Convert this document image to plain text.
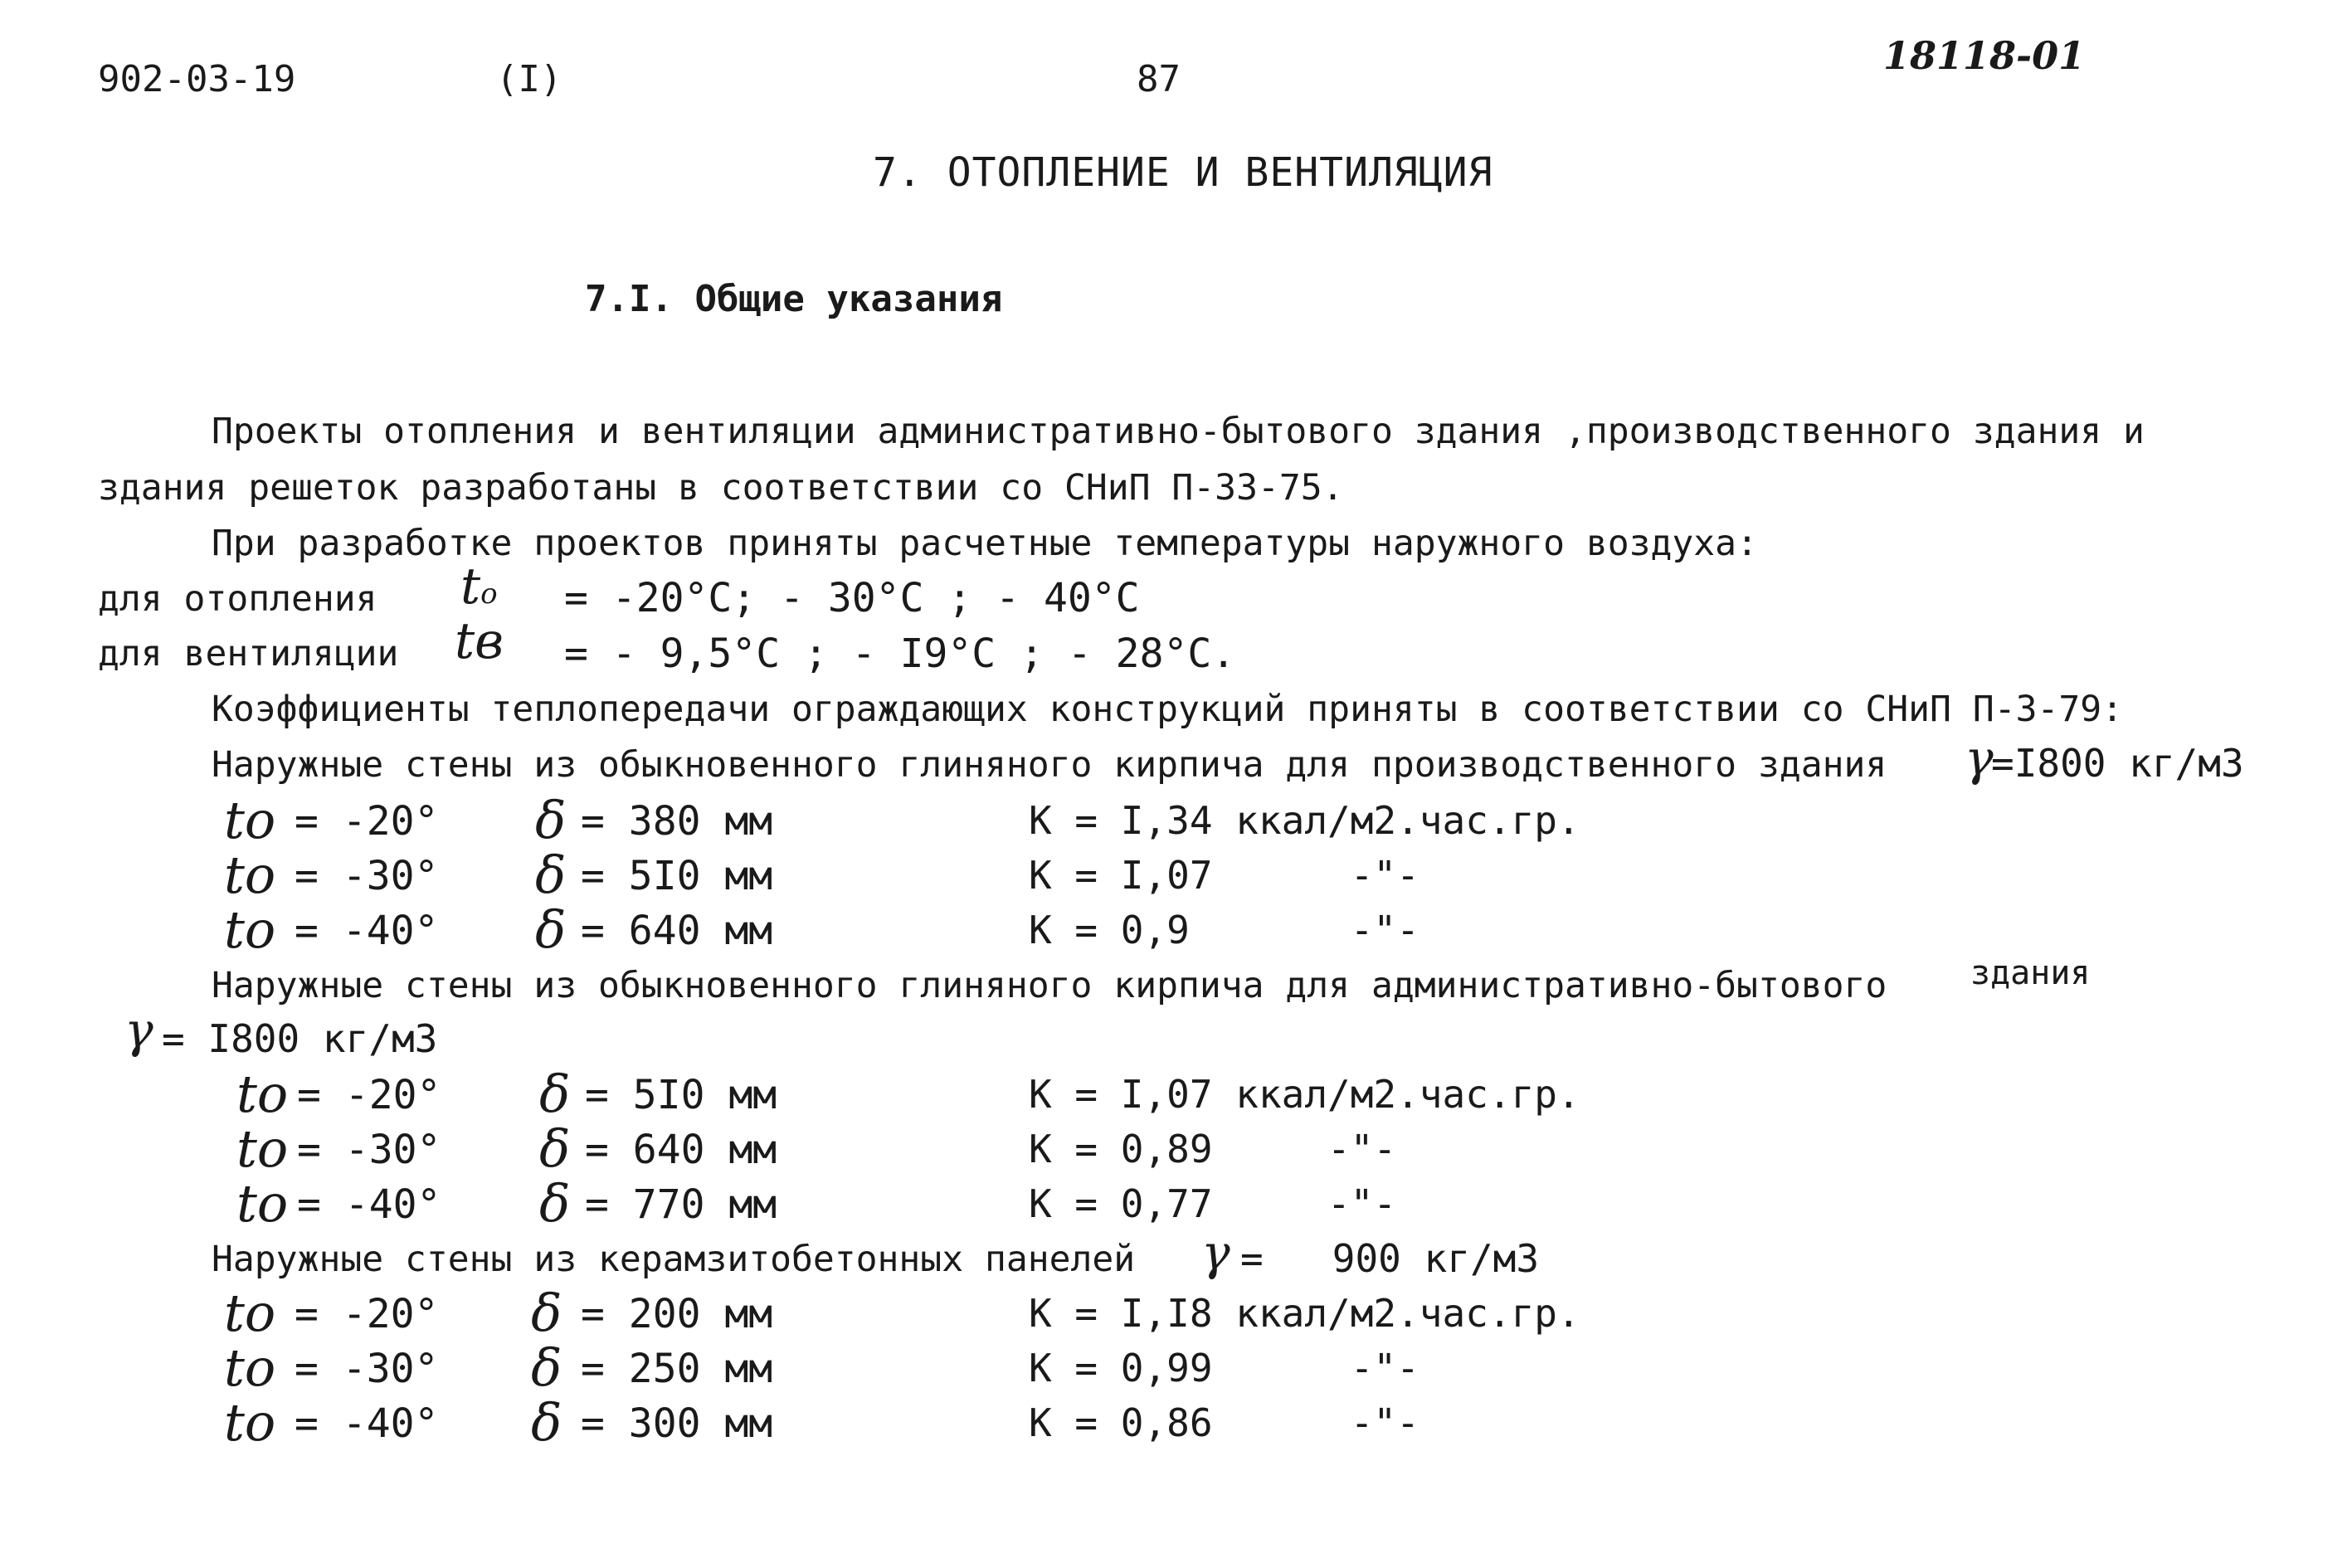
902-03-19	(I)	87
18118-01
7. ОТОПЛЕНИЕ И ВЕНТИЛЯЦИЯ
7.I. Общие указания
Проекты отопления и вентиляции административно-бытового здания ,производственного здания и
здания решеток разработаны в соответствии со СНиП П-33-75.
При разработке проектов приняты расчетные температуры наружного воздуха:
для отопления tо = -20°С; - 30°С ; - 40°С
для вентиляции tв = - 9,5°С ; - I9°С ; - 28°С.
Коэффициенты теплопередачи ограждающих конструкций приняты в соответствии со СНиП П-3-79:
Наружные стены из обыкновенного глиняного кирпича для производственного здания γ
=I800 кг/м3
tо = -20° δ = 380 мм	К = I,34 ккал/м2.час.гр.
tо = -30° δ = 5I0 мм	К = I,07      -"-
tо = -40° δ = 640 мм	К = 0,9       -"-
Наружные стены из обыкновенного глиняного кирпича для административно-бытового	здания
γ = I800 кг/м3
tо = -20° δ = 5I0 мм	К = I,07 ккал/м2.час.гр.
tо = -30° δ = 640 мм	К = 0,89     -"-
tо = -40° δ = 770 мм	К = 0,77     -"-
Наружные стены из керамзитобетонных панелей γ =   900 кг/м3
tо = -20° δ = 200 мм	К = I,I8 ккал/м2.час.гр.
tо = -30° δ = 250 мм	К = 0,99      -"-
tо = -40° δ = 300 мм	К = 0,86      -"-
